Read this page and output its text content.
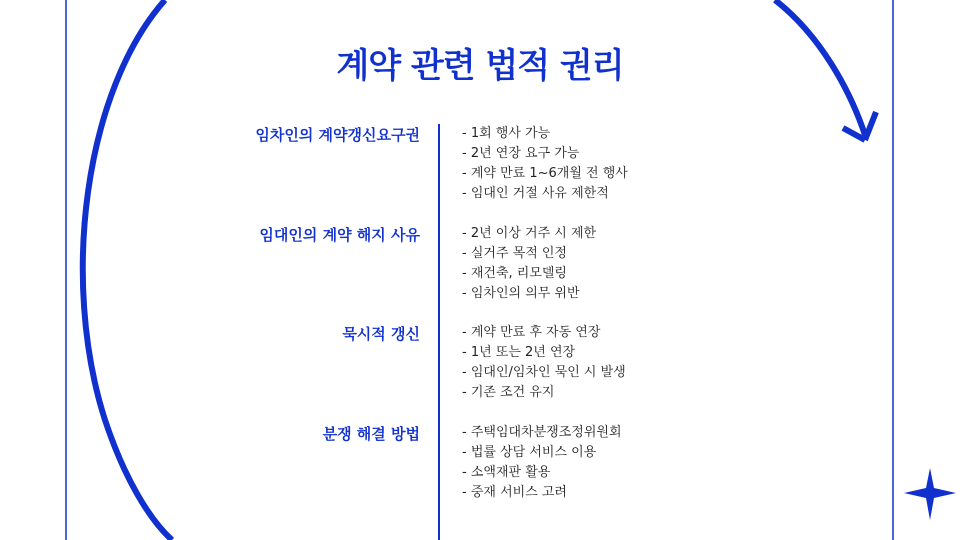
계약 관련 법적 권리
임차인의 계약갱신요구권	- 1회 행사 가능
- 2년 연장 요구 가능
- 계약 만료 1~6개월 전 행사
- 임대인 거절 사유 제한적
임대인의 계약 해지 사유	- 2년 이상 거주 시 제한
- 실거주 목적 인정
- 재건축, 리모델링
- 임차인의 의무 위반
묵시적 갱신	- 계약 만료 후 자동 연장
- 1년 또는 2년 연장
- 임대인/임차인 묵인 시 발생
- 기존 조건 유지
분쟁 해결 방법	- 주택임대차분쟁조정위원회
- 법률 상담 서비스 이용
- 소액재판 활용
- 중재 서비스 고려
